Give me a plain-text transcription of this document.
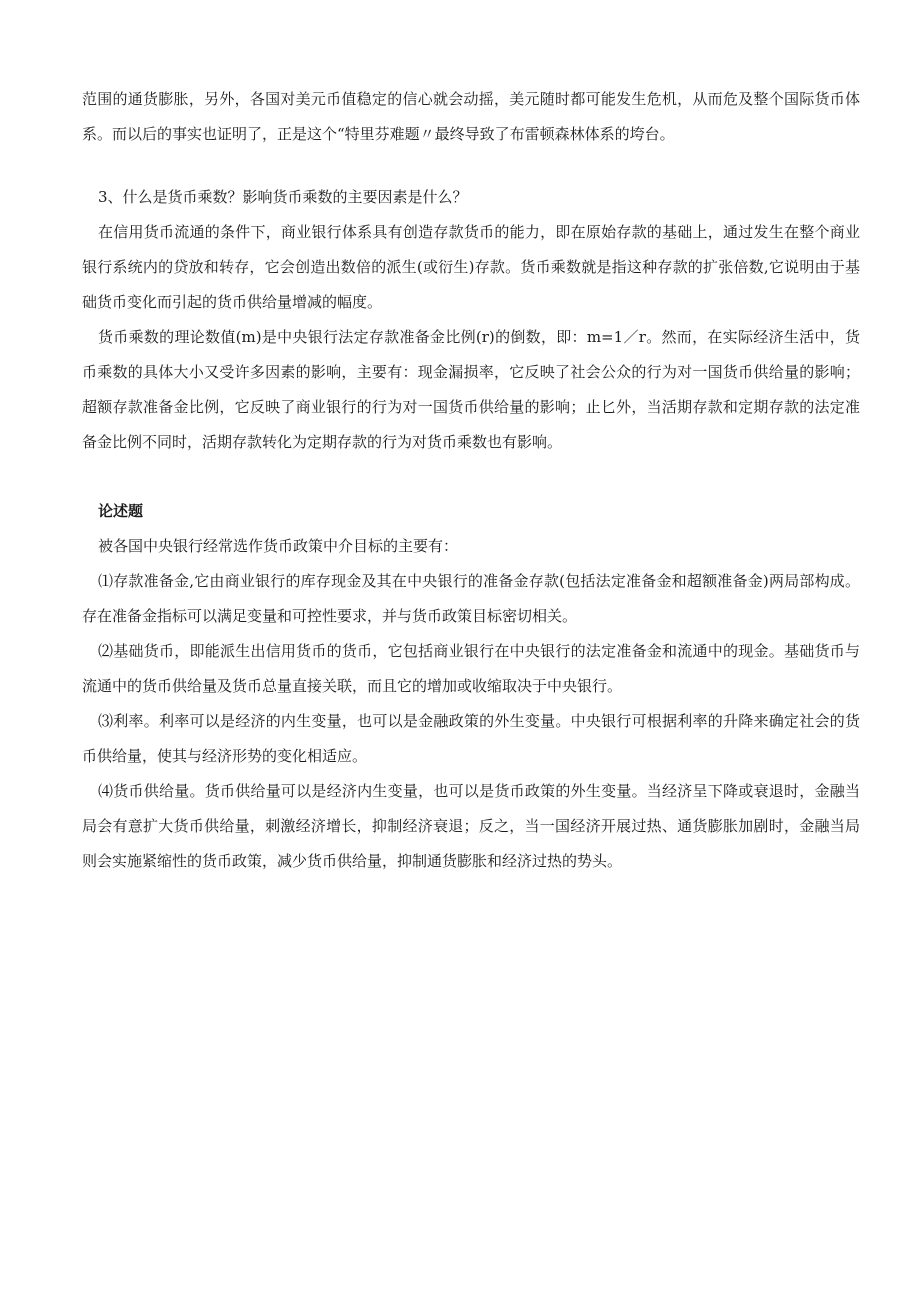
范围的通货膨胀，另外，各国对美元币值稳定的信心就会动摇，美元随时都可能发生危机，从而危及整个国际货币体系。而以后的事实也证明了，正是这个“特里芬难题〃最终导致了布雷顿森林体系的垮台。

3、什么是货币乘数？影响货币乘数的主要因素是什么？

在信用货币流通的条件下，商业银行体系具有创造存款货币的能力，即在原始存款的基础上，通过发生在整个商业银行系统内的贷放和转存，它会创造出数倍的派生(或衍生)存款。货币乘数就是指这种存款的扩张倍数,它说明由于基础货币变化而引起的货币供给量增减的幅度。

货币乘数的理论数值(m)是中央银行法定存款准备金比例(r)的倒数，即：m=1／r。然而，在实际经济生活中，货币乘数的具体大小又受许多因素的影响，主要有：现金漏损率，它反映了社会公众的行为对一国货币供给量的影响；超额存款准备金比例，它反映了商业银行的行为对一国货币供给量的影响；止匕外，当活期存款和定期存款的法定准备金比例不同时，活期存款转化为定期存款的行为对货币乘数也有影响。

论述题

被各国中央银行经常选作货币政策中介目标的主要有：

⑴存款准备金,它由商业银行的库存现金及其在中央银行的准备金存款(包括法定准备金和超额准备金)两局部构成。存在准备金指标可以满足变量和可控性要求，并与货币政策目标密切相关。

⑵基础货币，即能派生出信用货币的货币，它包括商业银行在中央银行的法定准备金和流通中的现金。基础货币与流通中的货币供给量及货币总量直接关联，而且它的增加或收缩取决于中央银行。

⑶利率。利率可以是经济的内生变量，也可以是金融政策的外生变量。中央银行可根据利率的升降来确定社会的货币供给量，使其与经济形势的变化相适应。

⑷货币供给量。货币供给量可以是经济内生变量，也可以是货币政策的外生变量。当经济呈下降或衰退时，金融当局会有意扩大货币供给量，刺激经济增长，抑制经济衰退；反之，当一国经济开展过热、通货膨胀加剧时，金融当局则会实施紧缩性的货币政策，减少货币供给量，抑制通货膨胀和经济过热的势头。
